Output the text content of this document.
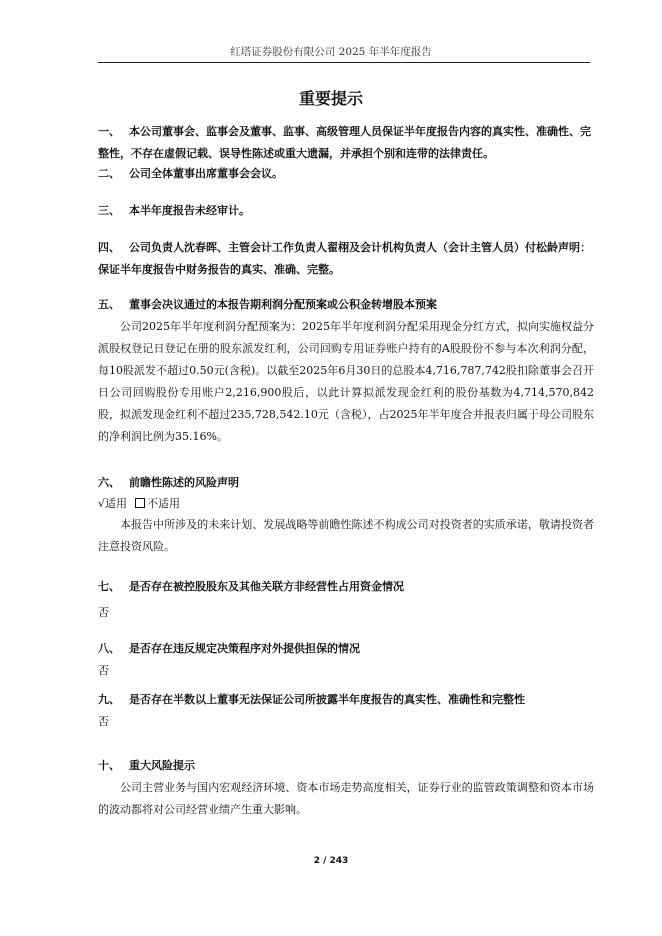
红塔证券股份有限公司 2025 年半年度报告
重要提示
一、 本公司董事会、监事会及董事、监事、高级管理人员保证半年度报告内容的真实性、准确性、完整性，不存在虚假记载、误导性陈述或重大遗漏，并承担个别和连带的法律责任。
二、 公司全体董事出席董事会会议。
三、 本半年度报告未经审计。
四、 公司负责人沈春晖、主管会计工作负责人翟栩及会计机构负责人（会计主管人员）付松龄声明：保证半年度报告中财务报告的真实、准确、完整。
五、 董事会决议通过的本报告期利润分配预案或公积金转增股本预案
公司2025年半年度利润分配预案为：2025年半年度利润分配采用现金分红方式，拟向实施权益分派股权登记日登记在册的股东派发红利，公司回购专用证券账户持有的A股股份不参与本次利润分配，每10股派发不超过0.50元(含税)。以截至2025年6月30日的总股本4,716,787,742股扣除董事会召开日公司回购股份专用账户2,216,900股后，以此计算拟派发现金红利的股份基数为4,714,570,842股，拟派发现金红利不超过235,728,542.10元（含税），占2025年半年度合并报表归属于母公司股东的净利润比例为35.16%。
六、 前瞻性陈述的风险声明
√适用 不适用
本报告中所涉及的未来计划、发展战略等前瞻性陈述不构成公司对投资者的实质承诺，敬请投资者注意投资风险。
七、 是否存在被控股股东及其他关联方非经营性占用资金情况
否
八、 是否存在违反规定决策程序对外提供担保的情况
否
九、 是否存在半数以上董事无法保证公司所披露半年度报告的真实性、准确性和完整性
否
十、 重大风险提示
公司主营业务与国内宏观经济环境、资本市场走势高度相关，证券行业的监管政策调整和资本市场的波动都将对公司经营业绩产生重大影响。
2 / 243
